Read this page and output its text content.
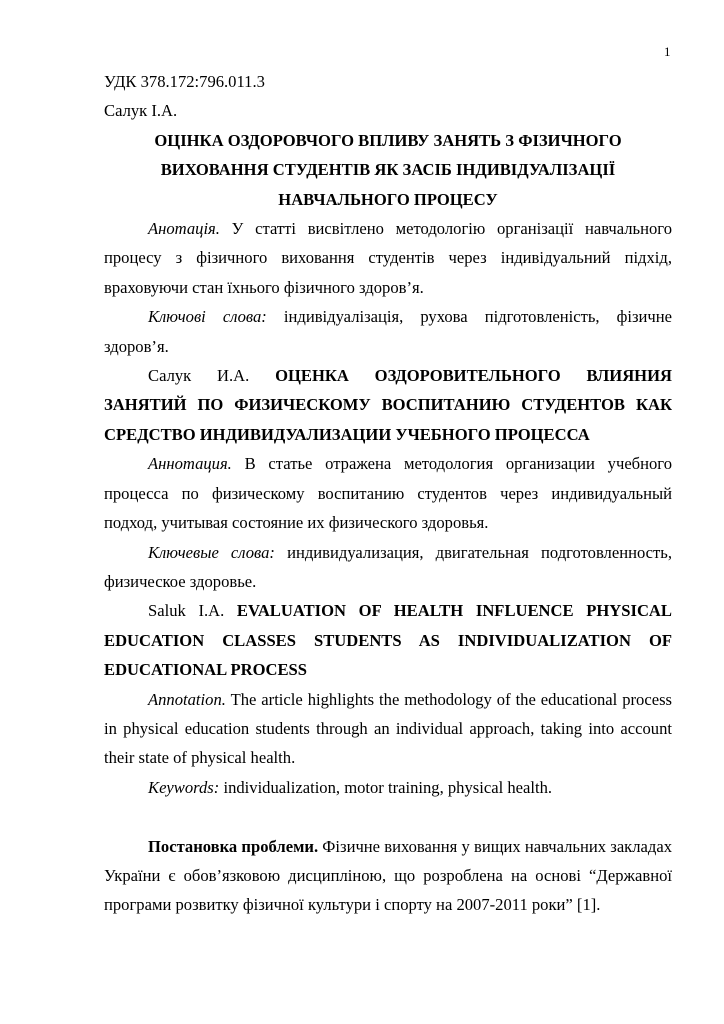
1

УДК 378.172:796.011.3

Салук І.А.

ОЦІНКА ОЗДОРОВЧОГО ВПЛИВУ ЗАНЯТЬ З ФІЗИЧНОГО ВИХОВАННЯ СТУДЕНТІВ ЯК ЗАСІБ ІНДИВІДУАЛІЗАЦІЇ НАВЧАЛЬНОГО ПРОЦЕСУ

Анотація. У статті висвітлено методологію організації навчального процесу з фізичного виховання студентів через індивідуальний підхід, враховуючи стан їхнього фізичного здоров’я.

Ключові слова: індивідуалізація, рухова підготовленість, фізичне здоров’я.

Салук И.А. ОЦЕНКА ОЗДОРОВИТЕЛЬНОГО ВЛИЯНИЯ ЗАНЯТИЙ ПО ФИЗИЧЕСКОМУ ВОСПИТАНИЮ СТУДЕНТОВ КАК СРЕДСТВО ИНДИВИДУАЛИЗАЦИИ УЧЕБНОГО ПРОЦЕССА

Аннотация. В статье отражена методология организации учебного процесса по физическому воспитанию студентов через индивидуальный подход, учитывая состояние их физического здоровья.

Ключевые слова: индивидуализация, двигательная подготовленность, физическое здоровье.

Saluk I.A. EVALUATION OF HEALTH INFLUENCE PHYSICAL EDUCATION CLASSES STUDENTS AS INDIVIDUALIZATION OF EDUCATIONAL PROCESS

Annotation. The article highlights the methodology of the educational process in physical education students through an individual approach, taking into account their state of physical health.

Keywords: individualization, motor training, physical health.

Постановка проблеми. Фізичне виховання у вищих навчальних закладах України є обов’язковою дисципліною, що розроблена на основі “Державної програми розвитку фізичної культури і спорту на 2007-2011 роки” [1].
